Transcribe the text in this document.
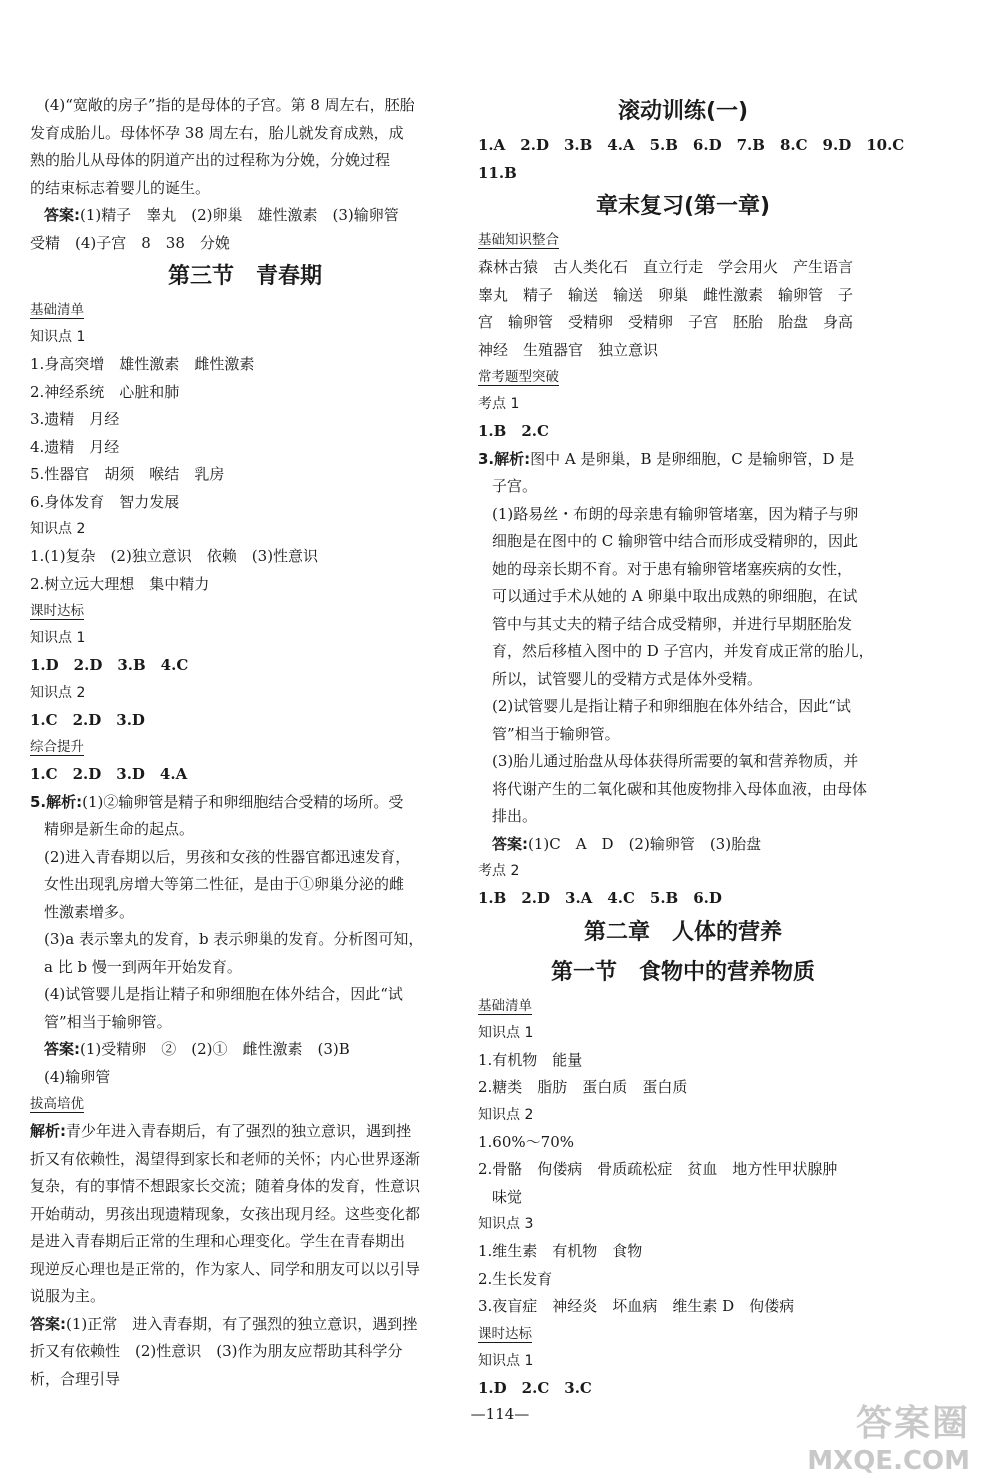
(4)“宽敞的房子”指的是母体的子宫。第 8 周左右，胚胎
发育成胎儿。母体怀孕 38 周左右，胎儿就发育成熟，成
熟的胎儿从母体的阴道产出的过程称为分娩，分娩过程
的结束标志着婴儿的诞生。
答案:(1)精子　睾丸　(2)卵巢　雄性激素　(3)输卵管
受精　(4)子宫　8　38　分娩
第三节　青春期
基础清单
知识点 1
1.身高突增　雄性激素　雌性激素
2.神经系统　心脏和肺
3.遗精　月经
4.遗精　月经
5.性器官　胡须　喉结　乳房
6.身体发育　智力发展
知识点 2
1.(1)复杂　(2)独立意识　依赖　(3)性意识
2.树立远大理想　集中精力
课时达标
知识点 1
1.D　2.D　3.B　4.C
知识点 2
1.C　2.D　3.D
综合提升
1.C　2.D　3.D　4.A
5.解析:(1)②输卵管是精子和卵细胞结合受精的场所。受
精卵是新生命的起点。
(2)进入青春期以后，男孩和女孩的性器官都迅速发育，
女性出现乳房增大等第二性征，是由于①卵巢分泌的雌
性激素增多。
(3)a 表示睾丸的发育，b 表示卵巢的发育。分析图可知，
a 比 b 慢一到两年开始发育。
(4)试管婴儿是指让精子和卵细胞在体外结合，因此“试
管”相当于输卵管。
答案:(1)受精卵　②　(2)①　雌性激素　(3)B
(4)输卵管
拔高培优
解析:青少年进入青春期后，有了强烈的独立意识，遇到挫
折又有依赖性，渴望得到家长和老师的关怀；内心世界逐渐
复杂，有的事情不想跟家长交流；随着身体的发育，性意识
开始萌动，男孩出现遗精现象，女孩出现月经。这些变化都
是进入青春期后正常的生理和心理变化。学生在青春期出
现逆反心理也是正常的，作为家人、同学和朋友可以以引导
说服为主。
答案:(1)正常　进入青春期，有了强烈的独立意识，遇到挫
折又有依赖性　(2)性意识　(3)作为朋友应帮助其科学分
析，合理引导
滚动训练(一)
1.A　2.D　3.B　4.A　5.B　6.D　7.B　8.C　9.D　10.C
11.B
章末复习(第一章)
基础知识整合
森林古猿　古人类化石　直立行走　学会用火　产生语言
睾丸　精子　输送　输送　卵巢　雌性激素　输卵管　子
宫　输卵管　受精卵　受精卵　子宫　胚胎　胎盘　身高
神经　生殖器官　独立意识
常考题型突破
考点 1
1.B　2.C
3.解析:图中 A 是卵巢，B 是卵细胞，C 是输卵管，D 是
子宫。
(1)路易丝・布朗的母亲患有输卵管堵塞，因为精子与卵
细胞是在图中的 C 输卵管中结合而形成受精卵的，因此
她的母亲长期不育。对于患有输卵管堵塞疾病的女性，
可以通过手术从她的 A 卵巢中取出成熟的卵细胞，在试
管中与其丈夫的精子结合成受精卵，并进行早期胚胎发
育，然后移植入图中的 D 子宫内，并发育成正常的胎儿，
所以，试管婴儿的受精方式是体外受精。
(2)试管婴儿是指让精子和卵细胞在体外结合，因此“试
管”相当于输卵管。
(3)胎儿通过胎盘从母体获得所需要的氧和营养物质，并
将代谢产生的二氧化碳和其他废物排入母体血液，由母体
排出。
答案:(1)C　A　D　(2)输卵管　(3)胎盘
考点 2
1.B　2.D　3.A　4.C　5.B　6.D
第二章　人体的营养
第一节　食物中的营养物质
基础清单
知识点 1
1.有机物　能量
2.糖类　脂肪　蛋白质　蛋白质
知识点 2
1.60%～70%
2.骨骼　佝偻病　骨质疏松症　贫血　地方性甲状腺肿
味觉
知识点 3
1.维生素　有机物　食物
2.生长发育
3.夜盲症　神经炎　坏血病　维生素 D　佝偻病
课时达标
知识点 1
1.D　2.C　3.C
—114—	答案圈
MXQE.COM
